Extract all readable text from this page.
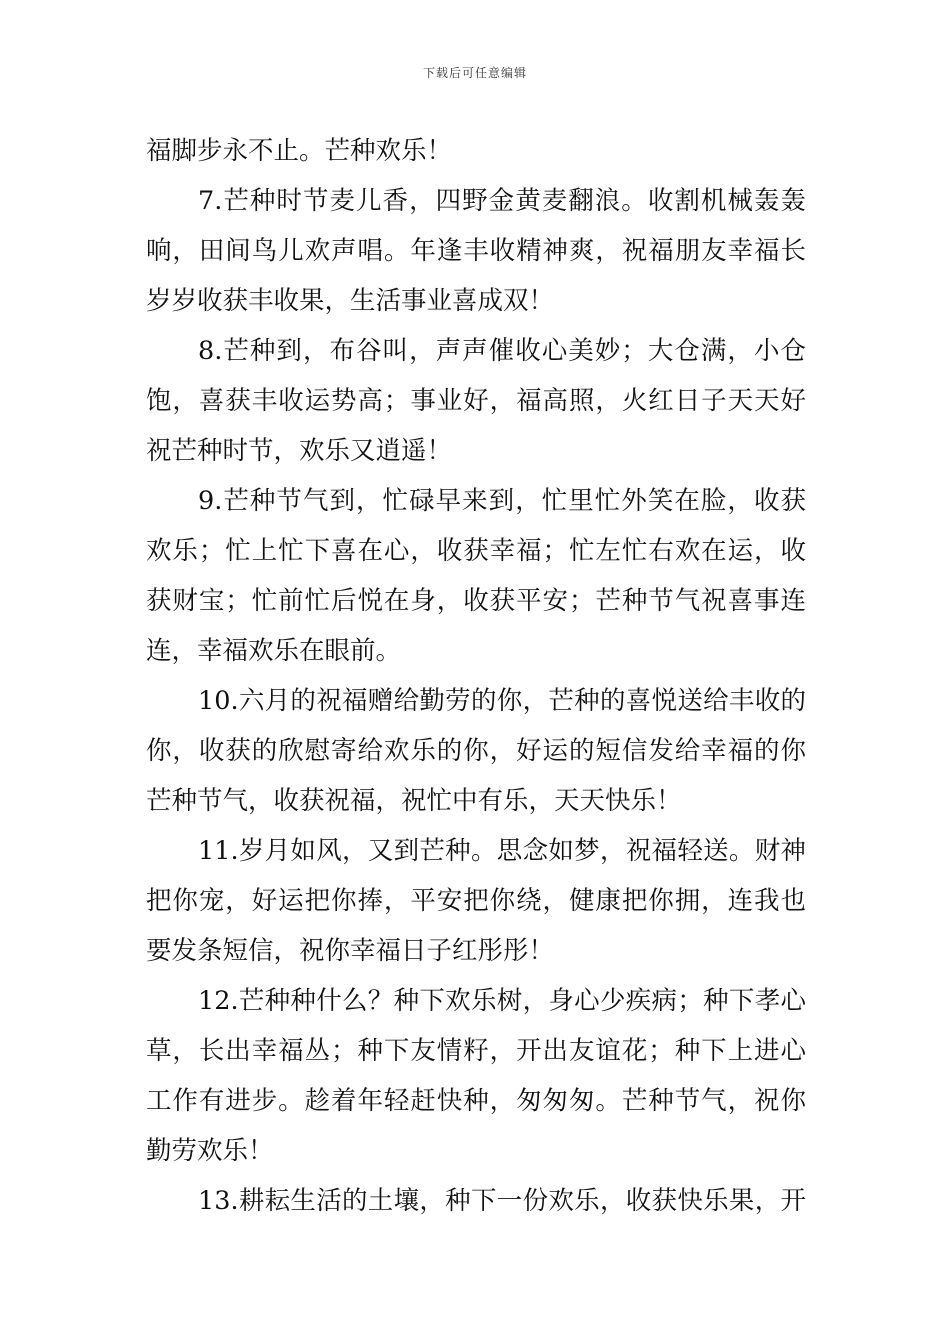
下载后可任意编辑
福脚步永不止。芒种欢乐！
7.芒种时节麦儿香，四野金黄麦翻浪。收割机械轰轰
响，田间鸟儿欢声唱。年逢丰收精神爽，祝福朋友幸福长
岁岁收获丰收果，生活事业喜成双！
8.芒种到，布谷叫，声声催收心美妙；大仓满，小仓
饱，喜获丰收运势高；事业好，福高照，火红日子天天好
祝芒种时节，欢乐又逍遥！
9.芒种节气到，忙碌早来到，忙里忙外笑在脸，收获
欢乐；忙上忙下喜在心，收获幸福；忙左忙右欢在运，收
获财宝；忙前忙后悦在身，收获平安；芒种节气祝喜事连
连，幸福欢乐在眼前。
10.六月的祝福赠给勤劳的你，芒种的喜悦送给丰收的
你，收获的欣慰寄给欢乐的你，好运的短信发给幸福的你
芒种节气，收获祝福，祝忙中有乐，天天快乐！
11.岁月如风，又到芒种。思念如梦，祝福轻送。财神
把你宠，好运把你捧，平安把你绕，健康把你拥，连我也
要发条短信，祝你幸福日子红彤彤！
12.芒种种什么？种下欢乐树，身心少疾病；种下孝心
草，长出幸福丛；种下友情籽，开出友谊花；种下上进心
工作有进步。趁着年轻赶快种，匆匆匆。芒种节气，祝你
勤劳欢乐！
13.耕耘生活的土壤，种下一份欢乐，收获快乐果，开
